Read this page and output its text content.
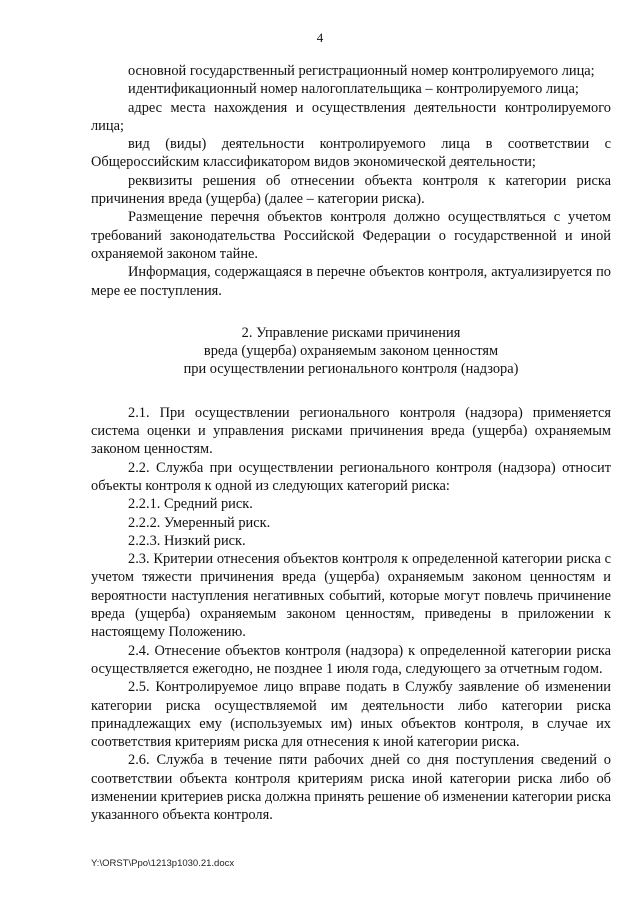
4

основной государственный регистрационный номер контролируемого лица;

идентификационный номер налогоплательщика – контролируемого лица;

адрес места нахождения и осуществления деятельности контролируемого лица;

вид (виды) деятельности контролируемого лица в соответствии с Общероссийским классификатором видов экономической деятельности;

реквизиты решения об отнесении объекта контроля к категории риска причинения вреда (ущерба) (далее – категории риска).

Размещение перечня объектов контроля должно осуществляться с учетом требований законодательства Российской Федерации о государственной и иной охраняемой законом тайне.

Информация, содержащаяся в перечне объектов контроля, актуализируется по мере ее поступления.

2. Управление рисками причинения
вреда (ущерба) охраняемым законом ценностям
при осуществлении регионального контроля (надзора)

2.1. При осуществлении регионального контроля (надзора) применяется система оценки и управления рисками причинения вреда (ущерба) охраняемым законом ценностям.

2.2. Служба при осуществлении регионального контроля (надзора) относит объекты контроля к одной из следующих категорий риска:

2.2.1. Средний риск.

2.2.2. Умеренный риск.

2.2.3. Низкий риск.

2.3. Критерии отнесения объектов контроля к определенной категории риска с учетом тяжести причинения вреда (ущерба) охраняемым законом ценностям и вероятности наступления негативных событий, которые могут повлечь причинение вреда (ущерба) охраняемым законом ценностям, приведены в приложении к настоящему Положению.

2.4. Отнесение объектов контроля (надзора) к определенной категории риска осуществляется ежегодно, не позднее 1 июля года, следующего за отчетным годом.

2.5. Контролируемое лицо вправе подать в Службу заявление об изменении категории риска осуществляемой им деятельности либо категории риска принадлежащих ему (используемых им) иных объектов контроля, в случае их соответствия критериям риска для отнесения к иной категории риска.

2.6. Служба в течение пяти рабочих дней со дня поступления сведений о соответствии объекта контроля критериям риска иной категории риска либо об изменении критериев риска должна принять решение об изменении категории риска указанного объекта контроля.

Y:\ORST\Ppo\1213p1030.21.docx
